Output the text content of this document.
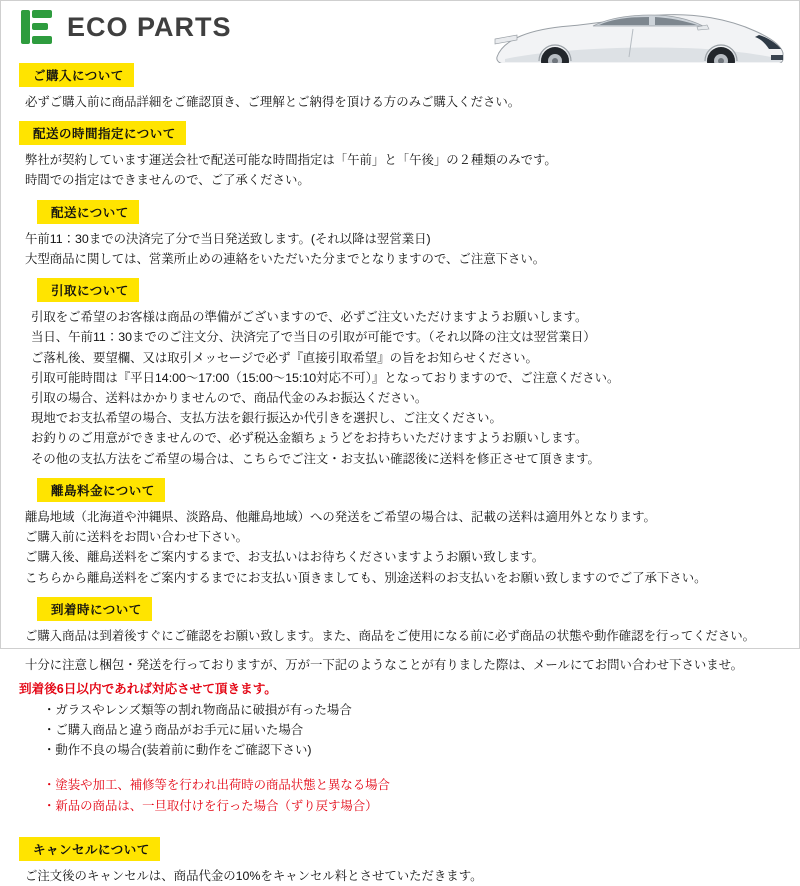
ECO PARTS
ご購入について

必ずご購入前に商品詳細をご確認頂き、ご理解とご納得を頂ける方のみご購入ください。

配送の時間指定について

弊社が契約しています運送会社で配送可能な時間指定は「午前」と「午後」の２種類のみです。

時間での指定はできませんので、ご了承ください。

配送について

午前11：30までの決済完了分で当日発送致します。(それ以降は翌営業日)

大型商品に関しては、営業所止めの連絡をいただいた分までとなりますので、ご注意下さい。

引取について

引取をご希望のお客様は商品の準備がございますので、必ずご注文いただけますようお願いします。

当日、午前11：30までのご注文分、決済完了で当日の引取が可能です。（それ以降の注文は翌営業日）

ご落札後、要望欄、又は取引メッセージで必ず『直接引取希望』の旨をお知らせください。

引取可能時間は『平日14:00〜17:00（15:00〜15:10対応不可）』となっておりますので、ご注意ください。

引取の場合、送料はかかりませんので、商品代金のみお振込ください。

現地でお支払希望の場合、支払方法を銀行振込か代引きを選択し、ご注文ください。

お釣りのご用意ができませんので、必ず税込金額ちょうどをお持ちいただけますようお願いします。

その他の支払方法をご希望の場合は、こちらでご注文・お支払い確認後に送料を修正させて頂きます。

離島料金について

離島地域（北海道や沖縄県、淡路島、他離島地域）への発送をご希望の場合は、記載の送料は適用外となります。

ご購入前に送料をお問い合わせ下さい。

ご購入後、離島送料をご案内するまで、お支払いはお待ちくださいますようお願い致します。

こちらから離島送料をご案内するまでにお支払い頂きましても、別途送料のお支払いをお願い致しますのでご了承下さい。

到着時について

ご購入商品は到着後すぐにご確認をお願い致します。また、商品をご使用になる前に必ず商品の状態や動作確認を行ってください。

十分に注意し梱包・発送を行っておりますが、万が一下記のようなことが有りました際は、メールにてお問い合わせ下さいませ。

到着後6日以内であれば対応させて頂きます。

・ガラスやレンズ類等の割れ物商品に破損が有った場合

・ご購入商品と違う商品がお手元に届いた場合

・動作不良の場合(装着前に動作をご確認下さい)

・塗装や加工、補修等を行われ出荷時の商品状態と異なる場合

・新品の商品は、一旦取付けを行った場合（ずり戻す場合）

キャンセルについて

ご注文後のキャンセルは、商品代金の10%をキャンセル料とさせていただきます。
